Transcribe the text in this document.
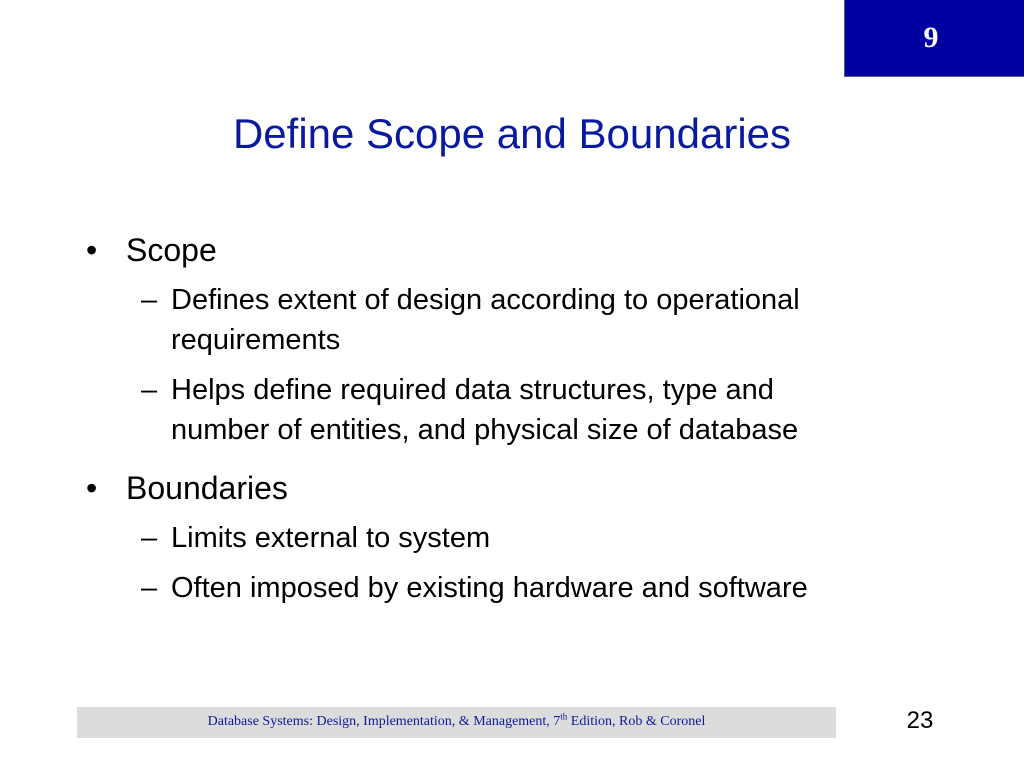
9
Define Scope and Boundaries
• Scope
– Defines extent of design according to operational
requirements
– Helps define required data structures, type and
number of entities, and physical size of database
• Boundaries
– Limits external to system
– Often imposed by existing hardware and software
Database Systems: Design, Implementation, & Management, 7th Edition, Rob & Coronel	23
